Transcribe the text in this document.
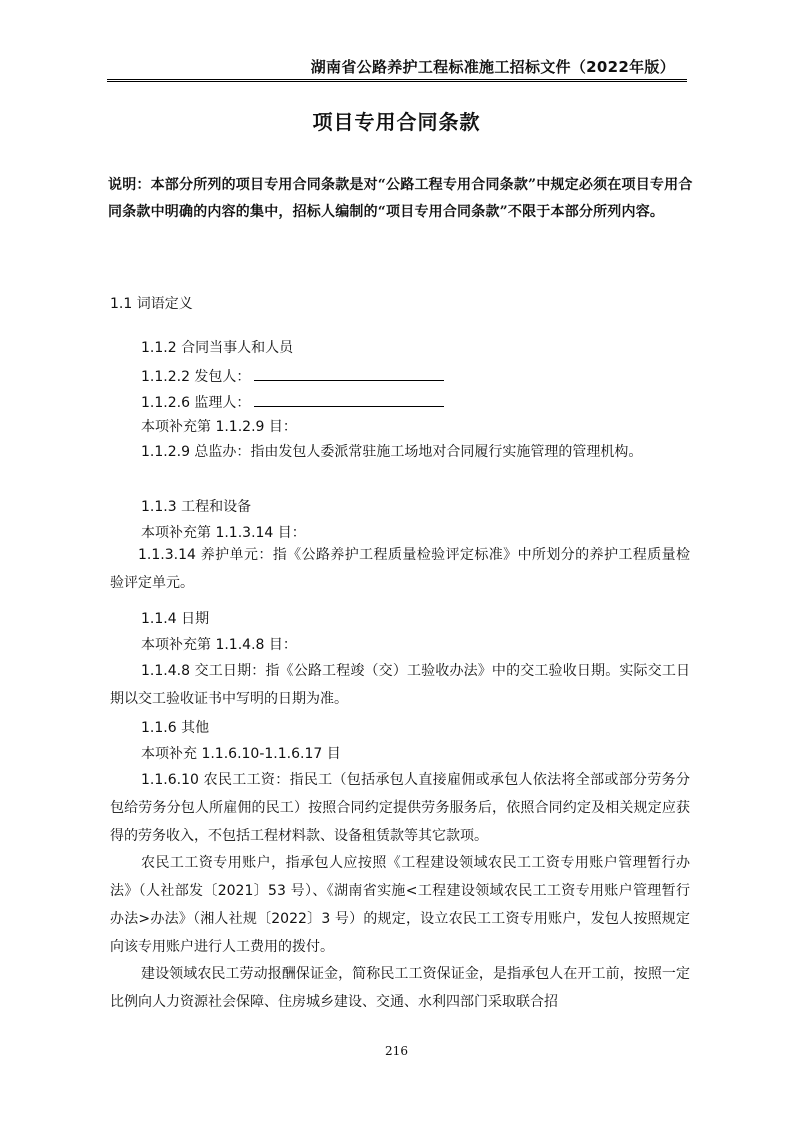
湖南省公路养护工程标准施工招标文件（2022年版）
项目专用合同条款
说明：本部分所列的项目专用合同条款是对“公路工程专用合同条款”中规定必须在项目专用合同条款中明确的内容的集中，招标人编制的“项目专用合同条款”不限于本部分所列内容。
1.1 词语定义
1.1.2 合同当事人和人员
1.1.2.2 发包人：
1.1.2.6 监理人：
本项补充第 1.1.2.9 目：
1.1.2.9 总监办：指由发包人委派常驻施工场地对合同履行实施管理的管理机构。
1.1.3 工程和设备
本项补充第 1.1.3.14 目：
1.1.3.14 养护单元：指《公路养护工程质量检验评定标准》中所划分的养护工程质量检验评定单元。
1.1.4 日期
本项补充第 1.1.4.8 目：
1.1.4.8 交工日期：指《公路工程竣（交）工验收办法》中的交工验收日期。实际交工日期以交工验收证书中写明的日期为准。
1.1.6 其他
本项补充 1.1.6.10-1.1.6.17 目
1.1.6.10 农民工工资：指民工（包括承包人直接雇佣或承包人依法将全部或部分劳务分包给劳务分包人所雇佣的民工）按照合同约定提供劳务服务后，依照合同约定及相关规定应获得的劳务收入，不包括工程材料款、设备租赁款等其它款项。
农民工工资专用账户，指承包人应按照《工程建设领域农民工工资专用账户管理暂行办法》（人社部发〔2021〕53 号）、《湖南省实施<工程建设领域农民工工资专用账户管理暂行办法>办法》（湘人社规〔2022〕3 号）的规定，设立农民工工资专用账户，发包人按照规定向该专用账户进行人工费用的拨付。
建设领域农民工劳动报酬保证金，简称民工工资保证金，是指承包人在开工前，按照一定比例向人力资源社会保障、住房城乡建设、交通、水利四部门采取联合招
216
